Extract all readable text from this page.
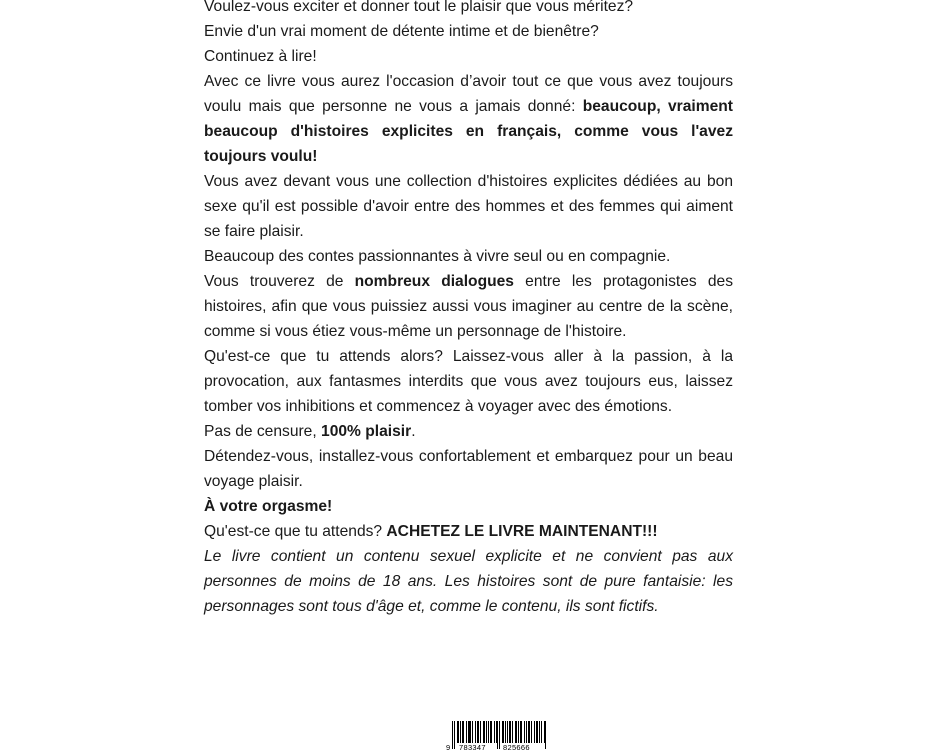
Voulez-vous exciter et donner tout le plaisir que vous méritez?

Envie d'un vrai moment de détente intime et de bienêtre?

Continuez à lire!

Avec ce livre vous aurez l'occasion d’avoir tout ce que vous avez toujours voulu mais que personne ne vous a jamais donné: beaucoup, vraiment beaucoup d'histoires explicites en français, comme vous l'avez toujours voulu!

Vous avez devant vous une collection d'histoires explicites dédiées au bon sexe qu'il est possible d'avoir entre des hommes et des femmes qui aiment se faire plaisir.

Beaucoup des contes passionnantes à vivre seul ou en compagnie.

Vous trouverez de nombreux dialogues entre les protagonistes des histoires, afin que vous puissiez aussi vous imaginer au centre de la scène, comme si vous étiez vous-même un personnage de l'histoire.

Qu'est-ce que tu attends alors? Laissez-vous aller à la passion, à la provocation, aux fantasmes interdits que vous avez toujours eus, laissez tomber vos inhibitions et commencez à voyager avec des émotions.

Pas de censure, 100% plaisir.

Détendez-vous, installez-vous confortablement et embarquez pour un beau voyage plaisir.

À votre orgasme!

Qu'est-ce que tu attends? ACHETEZ LE LIVRE MAINTENANT!!!

Le livre contient un contenu sexuel explicite et ne convient pas aux personnes de moins de 18 ans. Les histoires sont de pure fantaisie: les personnages sont tous d'âge et, comme le contenu, ils sont fictifs.

9 783347 825666
